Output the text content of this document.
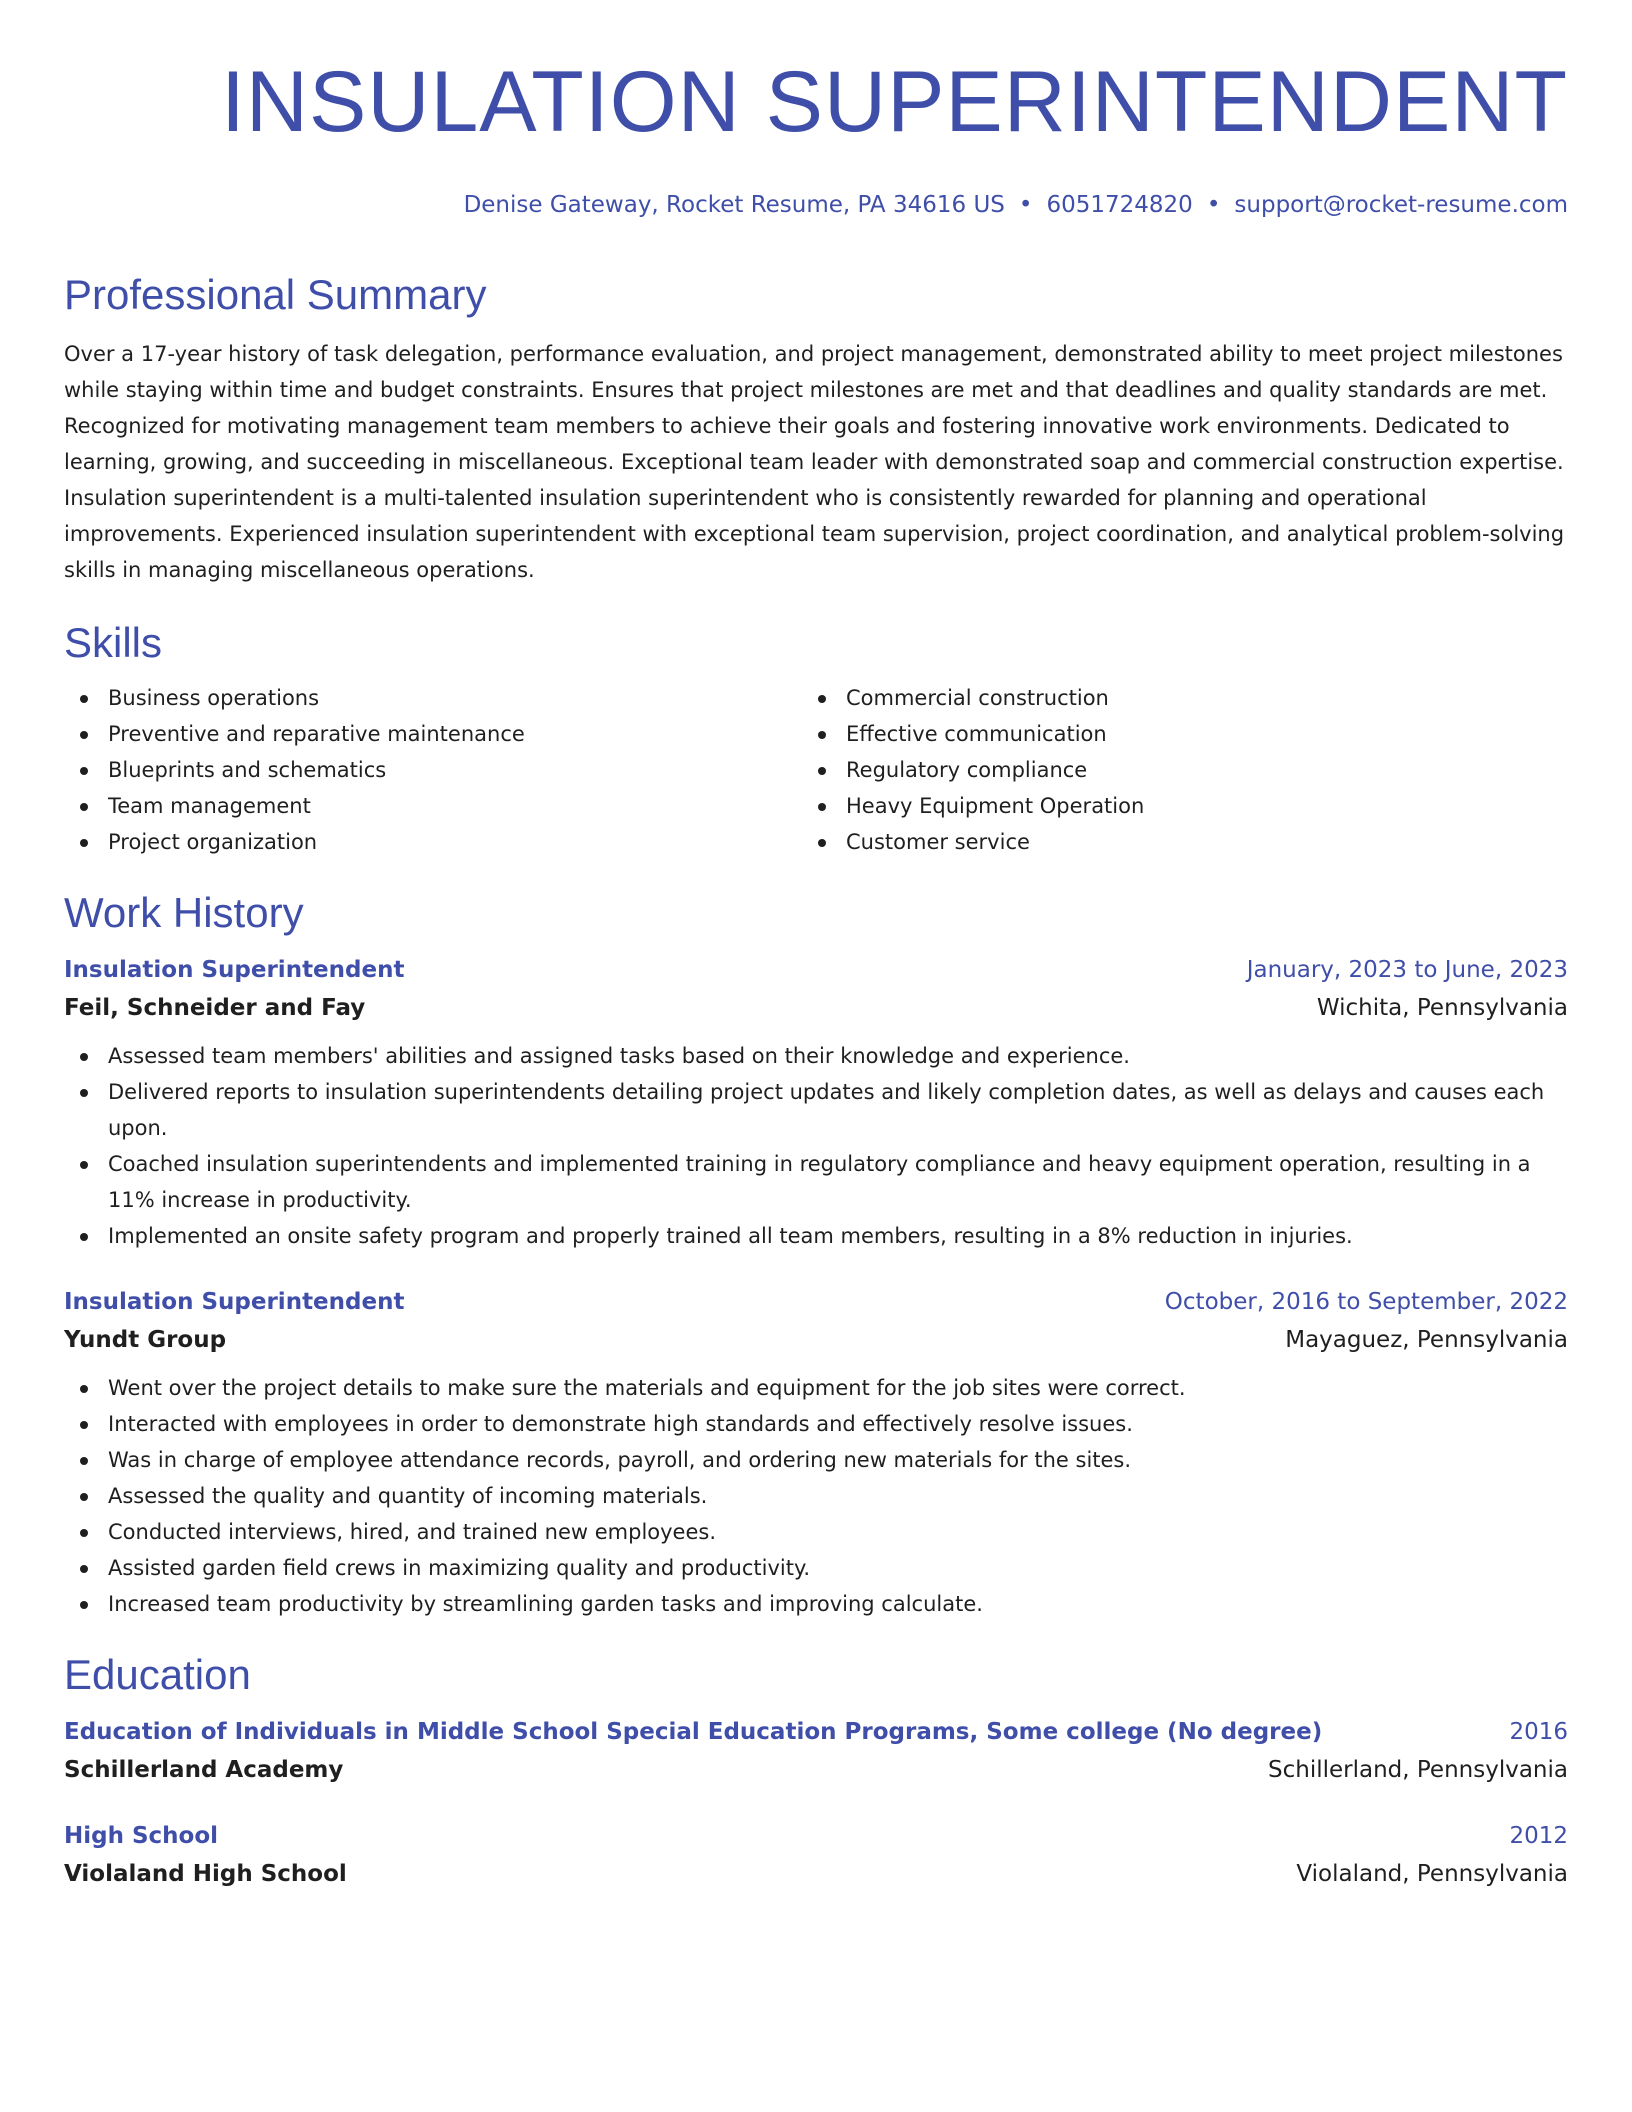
INSULATION SUPERINTENDENT
Denise Gateway, Rocket Resume, PA 34616 US • 6051724820 • support@rocket-resume.com
Professional Summary

Over a 17-year history of task delegation, performance evaluation, and project management, demonstrated ability to meet project milestones while staying within time and budget constraints. Ensures that project milestones are met and that deadlines and quality standards are met. Recognized for motivating management team members to achieve their goals and fostering innovative work environments. Dedicated to learning, growing, and succeeding in miscellaneous. Exceptional team leader with demonstrated soap and commercial construction expertise. Insulation superintendent is a multi-talented insulation superintendent who is consistently rewarded for planning and operational improvements. Experienced insulation superintendent with exceptional team supervision, project coordination, and analytical problem-solving skills in managing miscellaneous operations.

Skills
Business operations
Preventive and reparative maintenance
Blueprints and schematics
Team management
Project organization
Commercial construction
Effective communication
Regulatory compliance
Heavy Equipment Operation
Customer service
Work History
Insulation Superintendent	January, 2023 to June, 2023
Feil, Schneider and Fay	Wichita, Pennsylvania
Assessed team members' abilities and assigned tasks based on their knowledge and experience.
Delivered reports to insulation superintendents detailing project updates and likely completion dates, as well as delays and causes each upon.
Coached insulation superintendents and implemented training in regulatory compliance and heavy equipment operation, resulting in a 11% increase in productivity.
Implemented an onsite safety program and properly trained all team members, resulting in a 8% reduction in injuries.
Insulation Superintendent	October, 2016 to September, 2022
Yundt Group	Mayaguez, Pennsylvania
Went over the project details to make sure the materials and equipment for the job sites were correct.
Interacted with employees in order to demonstrate high standards and effectively resolve issues.
Was in charge of employee attendance records, payroll, and ordering new materials for the sites.
Assessed the quality and quantity of incoming materials.
Conducted interviews, hired, and trained new employees.
Assisted garden field crews in maximizing quality and productivity.
Increased team productivity by streamlining garden tasks and improving calculate.
Education
Education of Individuals in Middle School Special Education Programs, Some college (No degree)	2016
Schillerland Academy	Schillerland, Pennsylvania
High School	2012
Violaland High School	Violaland, Pennsylvania
